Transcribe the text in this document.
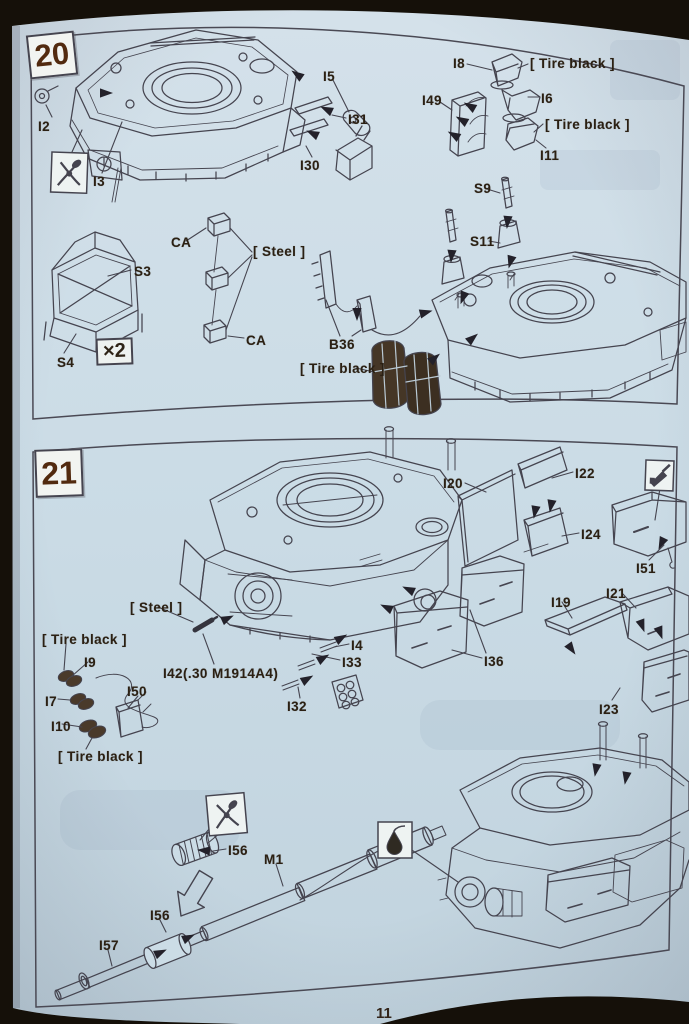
20
21
×2
I2
I3
I5
I31
I30
I8	[ Tire black ]
I49	I6
[ Tire black ]
I11
S9
S11
CA
[ Steel ]
CA
S3
S4
B36
[ Tire black ]
I20
I22
I24
I51
I19
I21
I23
I36
[ Steel ]
I42(.30 M1914A4)
I4
I33
I32
[ Tire black ]
I9
I7
I50
I10
[ Tire black ]
I56
M1
I56
I57
11
